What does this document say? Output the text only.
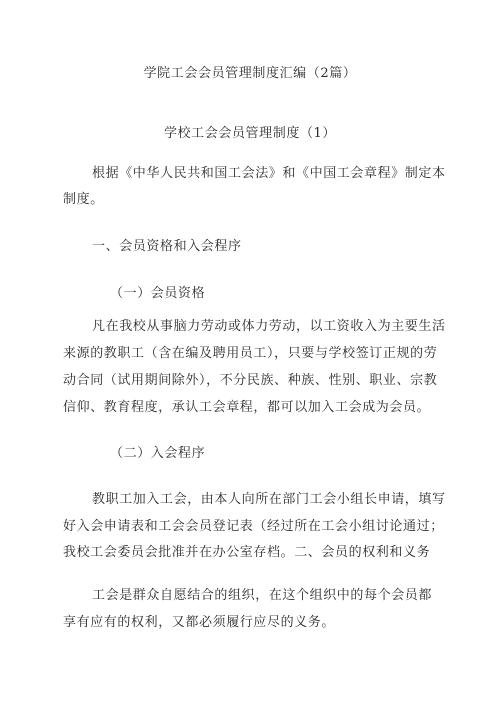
学院工会会员管理制度汇编（2篇）
学校工会会员管理制度（1）
根据《中华人民共和国工会法》和《中国工会章程》制定本
制度。
一、会员资格和入会程序
（一）会员资格
凡在我校从事脑力劳动或体力劳动，以工资收入为主要生活
来源的教职工（含在编及聘用员工），只要与学校签订正规的劳
动合同（试用期间除外），不分民族、种族、性别、职业、宗教
信仰、教育程度，承认工会章程，都可以加入工会成为会员。
（二）入会程序
教职工加入工会，由本人向所在部门工会小组长申请，填写
好入会申请表和工会会员登记表（经过所在工会小组讨论通过；
我校工会委员会批准并在办公室存档。二、会员的权利和义务
工会是群众自愿结合的组织，在这个组织中的每个会员都
享有应有的权利，又都必须履行应尽的义务。
